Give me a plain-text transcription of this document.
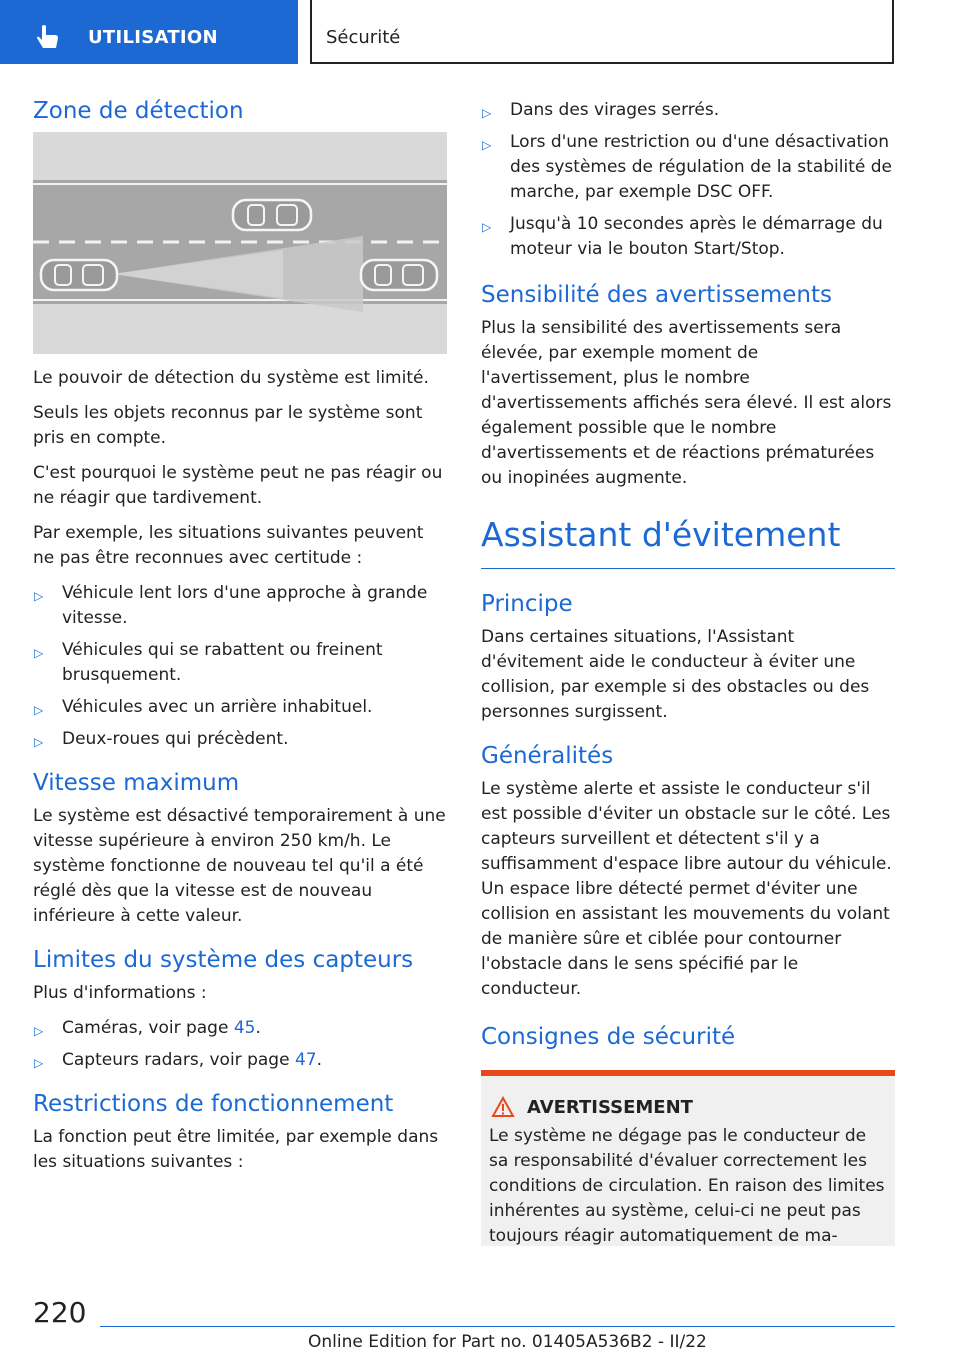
UTILISATION	Sécurité
Zone de détection

Le pouvoir de détection du système est limité.

Seuls les objets reconnus par le système sont pris en compte.

C'est pourquoi le système peut ne pas réagir ou ne réagir que tardivement.

Par exemple, les situations suivantes peuvent ne pas être reconnues avec certitude :

▷ Véhicule lent lors d'une approche à grande vitesse.
▷ Véhicules qui se rabattent ou freinent brusquement.
▷ Véhicules avec un arrière inhabituel.
▷ Deux-roues qui précèdent.
Vitesse maximum

Le système est désactivé temporairement à une vitesse supérieure à environ 250 km/h. Le système fonctionne de nouveau tel qu'il a été réglé dès que la vitesse est de nouveau inférieure à cette valeur.

Limites du système des capteurs

Plus d'informations :

▷ Caméras, voir page 45.
▷ Capteurs radars, voir page 47.
Restrictions de fonctionnement

La fonction peut être limitée, par exemple dans les situations suivantes :

▷ Dans des virages serrés.
▷ Lors d'une restriction ou d'une désactivation des systèmes de régulation de la stabilité de marche, par exemple DSC OFF.
▷ Jusqu'à 10 secondes après le démarrage du moteur via le bouton Start/Stop.
Sensibilité des avertissements

Plus la sensibilité des avertissements sera élevée, par exemple moment de l'avertissement, plus le nombre d'avertissements affichés sera élevé. Il est alors également possible que le nombre d'avertissements et de réactions prématurées ou inopinées augmente.

Assistant d'évitement
Principe

Dans certaines situations, l'Assistant d'évitement aide le conducteur à éviter une collision, par exemple si des obstacles ou des personnes surgissent.

Généralités

Le système alerte et assiste le conducteur s'il est possible d'éviter un obstacle sur le côté. Les capteurs surveillent et détectent s'il y a suffisamment d'espace libre autour du véhicule. Un espace libre détecté permet d'éviter une collision en assistant les mouvements du volant de manière sûre et ciblée pour contourner l'obstacle dans le sens spécifié par le conducteur.

Consignes de sécurité
AVERTISSEMENT

Le système ne dégage pas le conducteur de sa responsabilité d'évaluer correctement les conditions de circulation. En raison des limites inhérentes au système, celui-ci ne peut pas toujours réagir automatiquement de ma-

220
Online Edition for Part no. 01405A536B2 - II/22
